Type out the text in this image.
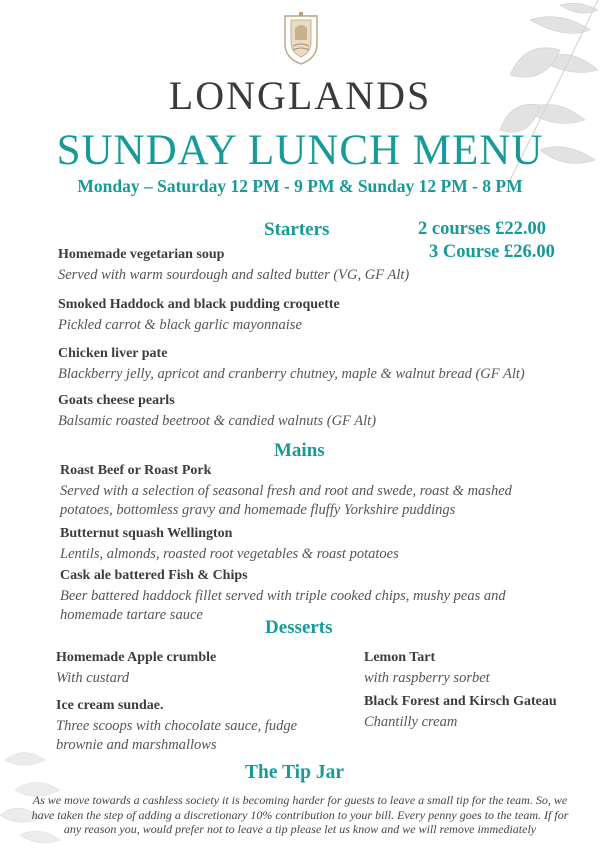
LONGLANDS
SUNDAY LUNCH MENU
Monday – Saturday 12 PM - 9 PM & Sunday 12 PM - 8 PM
Starters	2 courses £22.00
3 Course £26.00
Homemade vegetarian soup
Served with warm sourdough and salted butter (VG, GF Alt)
Smoked Haddock and black pudding croquette
Pickled carrot & black garlic mayonnaise
Chicken liver pate
Blackberry jelly, apricot and cranberry chutney, maple & walnut bread (GF Alt)
Goats cheese pearls
Balsamic roasted beetroot & candied walnuts (GF Alt)
Mains
Roast Beef or Roast Pork
Served with a selection of seasonal fresh and root and swede, roast & mashed potatoes, bottomless gravy and homemade fluffy Yorkshire puddings
Butternut squash Wellington
Lentils, almonds, roasted root vegetables & roast potatoes
Cask ale battered Fish & Chips
Beer battered haddock fillet served with triple cooked chips, mushy peas and homemade tartare sauce
Desserts
Homemade Apple crumble
With custard
Lemon Tart
with raspberry sorbet
Ice cream sundae.
Three scoops with chocolate sauce, fudge brownie and marshmallows
Black Forest and Kirsch Gateau
Chantilly cream
The Tip Jar
As we move towards a cashless society it is becoming harder for guests to leave a small tip for the team. So, we have taken the step of adding a discretionary 10% contribution to your bill. Every penny goes to the team. If for any reason you, would prefer not to leave a tip please let us know and we will remove immediately
